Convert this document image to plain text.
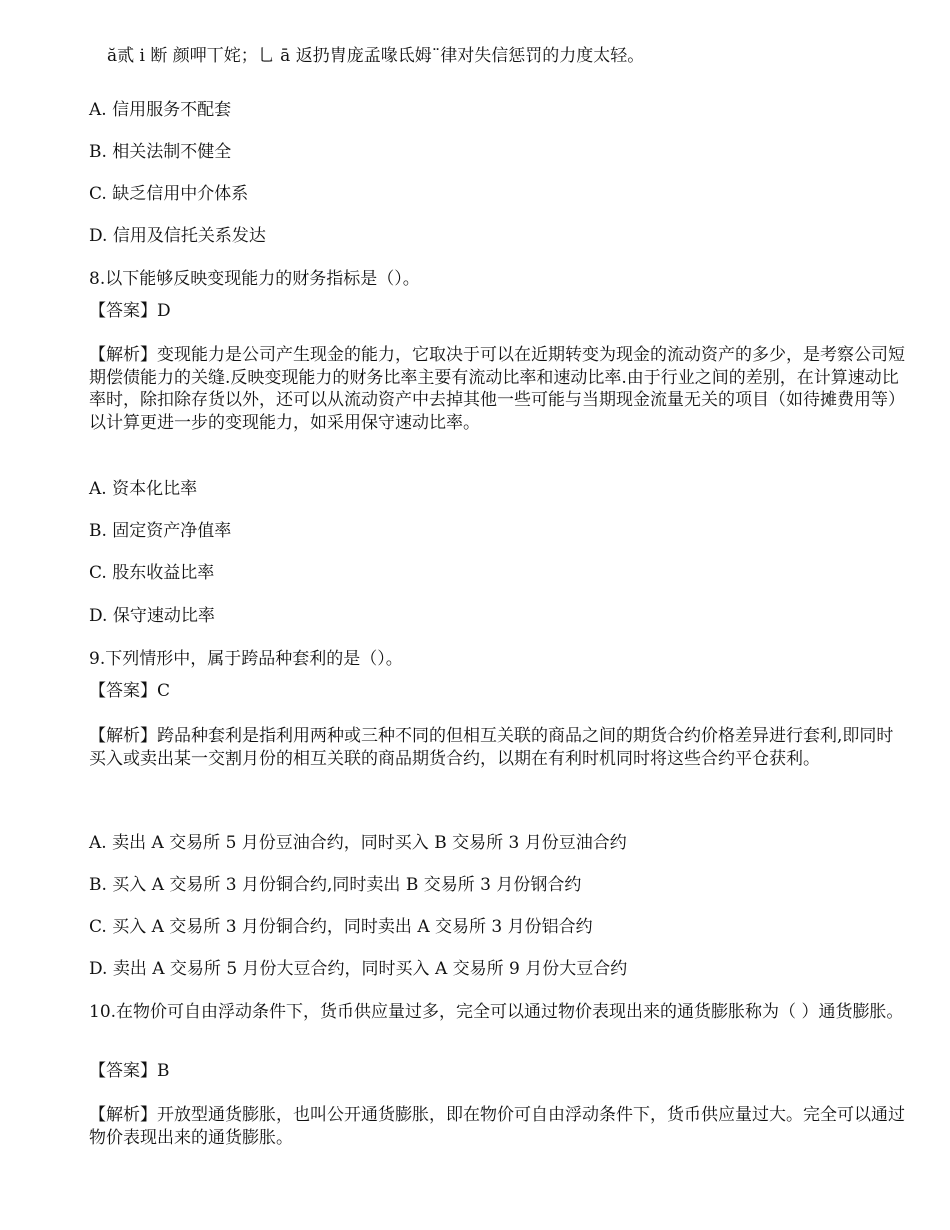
ă贰 i 断 颜呷丅姹；乚 ā 返扔胄庞孟喙氐姆¨律对失信惩罚的力度太轻。
A. 信用服务不配套
B. 相关法制不健全
C. 缺乏信用中介体系
D. 信用及信托关系发达
8.以下能够反映变现能力的财务指标是（）。
【答案】D
【解析】变现能力是公司产生现金的能力，它取决于可以在近期转变为现金的流动资产的多少，是考察公司短期偿债能力的关缝.反映变现能力的财务比率主要有流动比率和速动比率.由于行业之间的差别，在计算速动比率时，除扣除存货以外，还可以从流动资产中去掉其他一些可能与当期现金流量无关的项目（如待摊费用等）以计算更进一步的变现能力，如采用保守速动比率。
A. 资本化比率
B. 固定资产净值率
C. 股东收益比率
D. 保守速动比率
9.下列情形中，属于跨品种套利的是（）。
【答案】C
【解析】跨品种套利是指利用两种或三种不同的但相互关联的商品之间的期货合约价格差异进行套利,即同时买入或卖出某一交割月份的相互关联的商品期货合约，以期在有利时机同时将这些合约平仓获利。
A. 卖出 A 交易所 5 月份豆油合约，同时买入 B 交易所 3 月份豆油合约
B. 买入 A 交易所 3 月份铜合约,同时卖出 B 交易所 3 月份钢合约
C. 买入 A 交易所 3 月份铜合约，同时卖出 A 交易所 3 月份铝合约
D. 卖出 A 交易所 5 月份大豆合约，同时买入 A 交易所 9 月份大豆合约
10.在物价可自由浮动条件下，货币供应量过多，完全可以通过物价表现出来的通货膨胀称为（ ）通货膨胀。
【答案】B
【解析】开放型通货膨胀，也叫公开通货膨胀，即在物价可自由浮动条件下，货币供应量过大。完全可以通过物价表现出来的通货膨胀。
